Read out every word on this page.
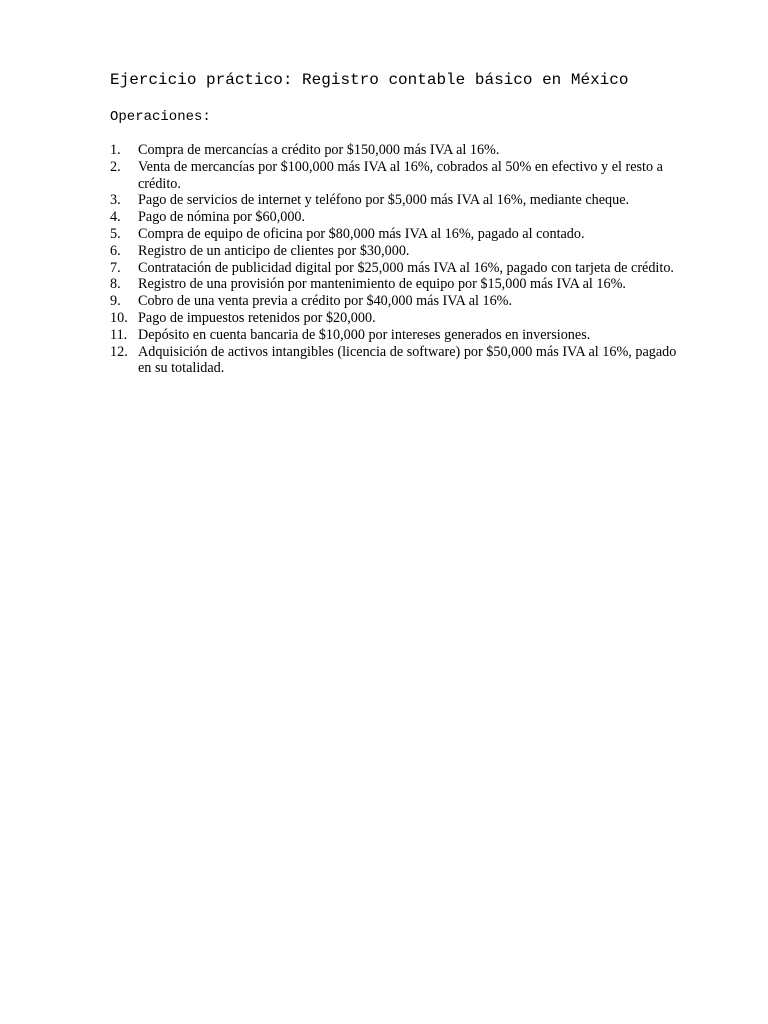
Ejercicio práctico: Registro contable básico en México
Operaciones:
1.	Compra de mercancías a crédito por $150,000 más IVA al 16%.
2.	Venta de mercancías por $100,000 más IVA al 16%, cobrados al 50% en efectivo y el resto a crédito.
3.	Pago de servicios de internet y teléfono por $5,000 más IVA al 16%, mediante cheque.
4.	Pago de nómina por $60,000.
5.	Compra de equipo de oficina por $80,000 más IVA al 16%, pagado al contado.
6.	Registro de un anticipo de clientes por $30,000.
7.	Contratación de publicidad digital por $25,000 más IVA al 16%, pagado con tarjeta de crédito.
8.	Registro de una provisión por mantenimiento de equipo por $15,000 más IVA al 16%.
9.	Cobro de una venta previa a crédito por $40,000 más IVA al 16%.
10. Pago de impuestos retenidos por $20,000.
11. Depósito en cuenta bancaria de $10,000 por intereses generados en inversiones.
12. Adquisición de activos intangibles (licencia de software) por $50,000 más IVA al 16%, pagado en su totalidad.
